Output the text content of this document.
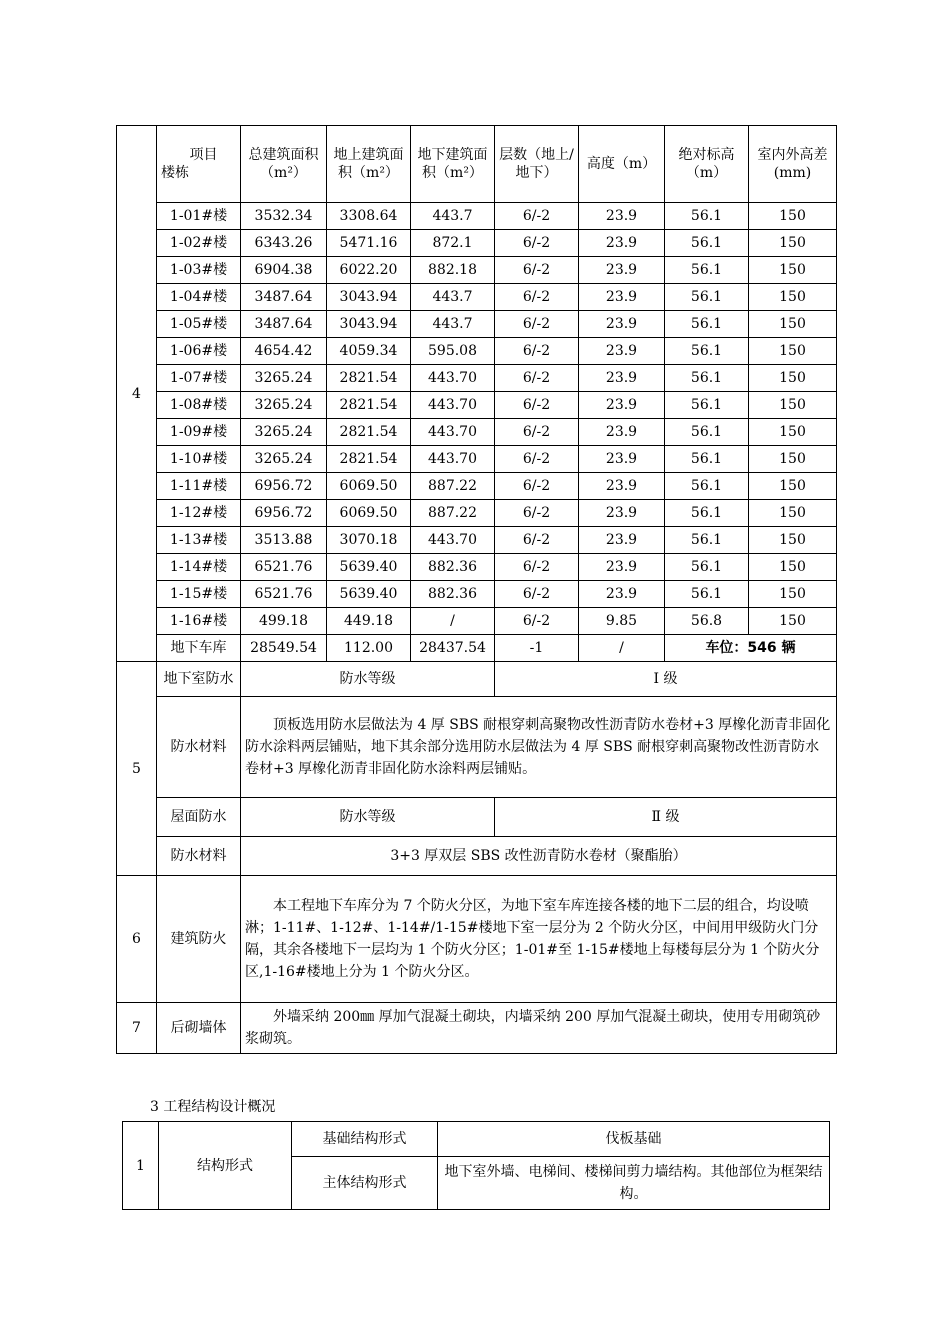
4	项目
楼栋	总建筑面积（m²）	地上建筑面积（m²）	地下建筑面积（m²）	层数（地上/地下）	高度（m）	绝对标高（m）	室内外高差(mm)
	1-01#楼	3532.34	3308.64	443.7	6/-2	23.9	56.1	150
	1-02#楼	6343.26	5471.16	872.1	6/-2	23.9	56.1	150
	1-03#楼	6904.38	6022.20	882.18	6/-2	23.9	56.1	150
	1-04#楼	3487.64	3043.94	443.7	6/-2	23.9	56.1	150
	1-05#楼	3487.64	3043.94	443.7	6/-2	23.9	56.1	150
	1-06#楼	4654.42	4059.34	595.08	6/-2	23.9	56.1	150
	1-07#楼	3265.24	2821.54	443.70	6/-2	23.9	56.1	150
	1-08#楼	3265.24	2821.54	443.70	6/-2	23.9	56.1	150
	1-09#楼	3265.24	2821.54	443.70	6/-2	23.9	56.1	150
	1-10#楼	3265.24	2821.54	443.70	6/-2	23.9	56.1	150
	1-11#楼	6956.72	6069.50	887.22	6/-2	23.9	56.1	150
	1-12#楼	6956.72	6069.50	887.22	6/-2	23.9	56.1	150
	1-13#楼	3513.88	3070.18	443.70	6/-2	23.9	56.1	150
	1-14#楼	6521.76	5639.40	882.36	6/-2	23.9	56.1	150
	1-15#楼	6521.76	5639.40	882.36	6/-2	23.9	56.1	150
	1-16#楼	499.18	449.18	/	6/-2	9.85	56.8	150
	地下车库	28549.54	112.00	28437.54	-1	/	车位：546 辆	
5	地下室防水	防水等级			Ⅰ 级			
	防水材料	顶板选用防水层做法为 4 厚 SBS 耐根穿刺高聚物改性沥青防水卷材+3 厚橡化沥青非固化防水涂料两层铺贴，地下其余部分选用防水层做法为 4 厚 SBS 耐根穿刺高聚物改性沥青防水卷材+3 厚橡化沥青非固化防水涂料两层铺贴。						
	屋面防水	防水等级			Ⅱ 级			
	防水材料	3+3 厚双层 SBS 改性沥青防水卷材（聚酯胎）						
6	建筑防火	本工程地下车库分为 7 个防火分区，为地下室车库连接各楼的地下二层的组合，均设喷淋；1-11#、1-12#、1-14#/1-15#楼地下室一层分为 2 个防火分区，中间用甲级防火门分隔，其余各楼地下一层均为 1 个防火分区；1-01#至 1-15#楼地上每楼每层分为 1 个防火分区,1-16#楼地上分为 1 个防火分区。						
7	后砌墙体	外墙采纳 200㎜ 厚加气混凝土砌块，内墙采纳 200 厚加气混凝土砌块，使用专用砌筑砂浆砌筑。						
3 工程结构设计概况
1	结构形式	基础结构形式	伐板基础
		主体结构形式	地下室外墙、电梯间、楼梯间剪力墙结构。其他部位为框架结构。
